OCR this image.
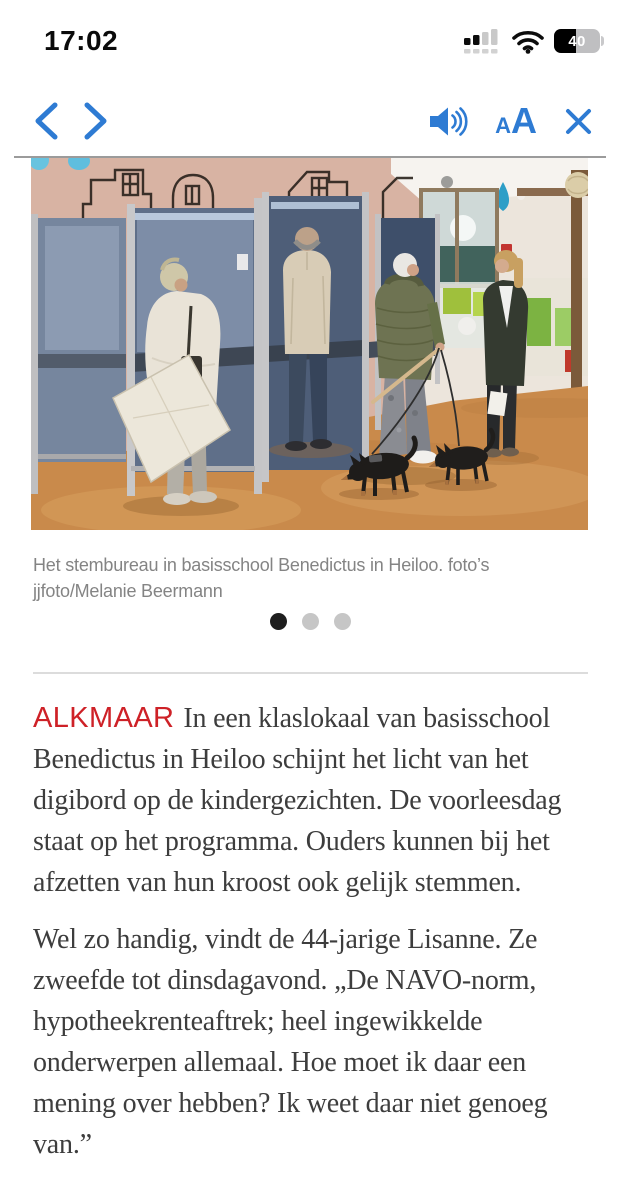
17:02	40
A A
Het stembureau in basisschool Benedictus in Heiloo. foto’s jjfoto/Melanie Beermann

ALKMAAR In een klaslokaal van basisschool Benedictus in Heiloo schijnt het licht van het digibord op de kindergezichten. De voorleesdag staat op het programma. Ouders kunnen bij het afzetten van hun kroost ook gelijk stemmen.

Wel zo handig, vindt de 44-jarige Lisanne. Ze zweefde tot dinsdagavond. „De NAVO-norm, hypotheekrenteaftrek; heel ingewikkelde onderwerpen allemaal. Hoe moet ik daar een mening over hebben? Ik weet daar niet genoeg van.”
